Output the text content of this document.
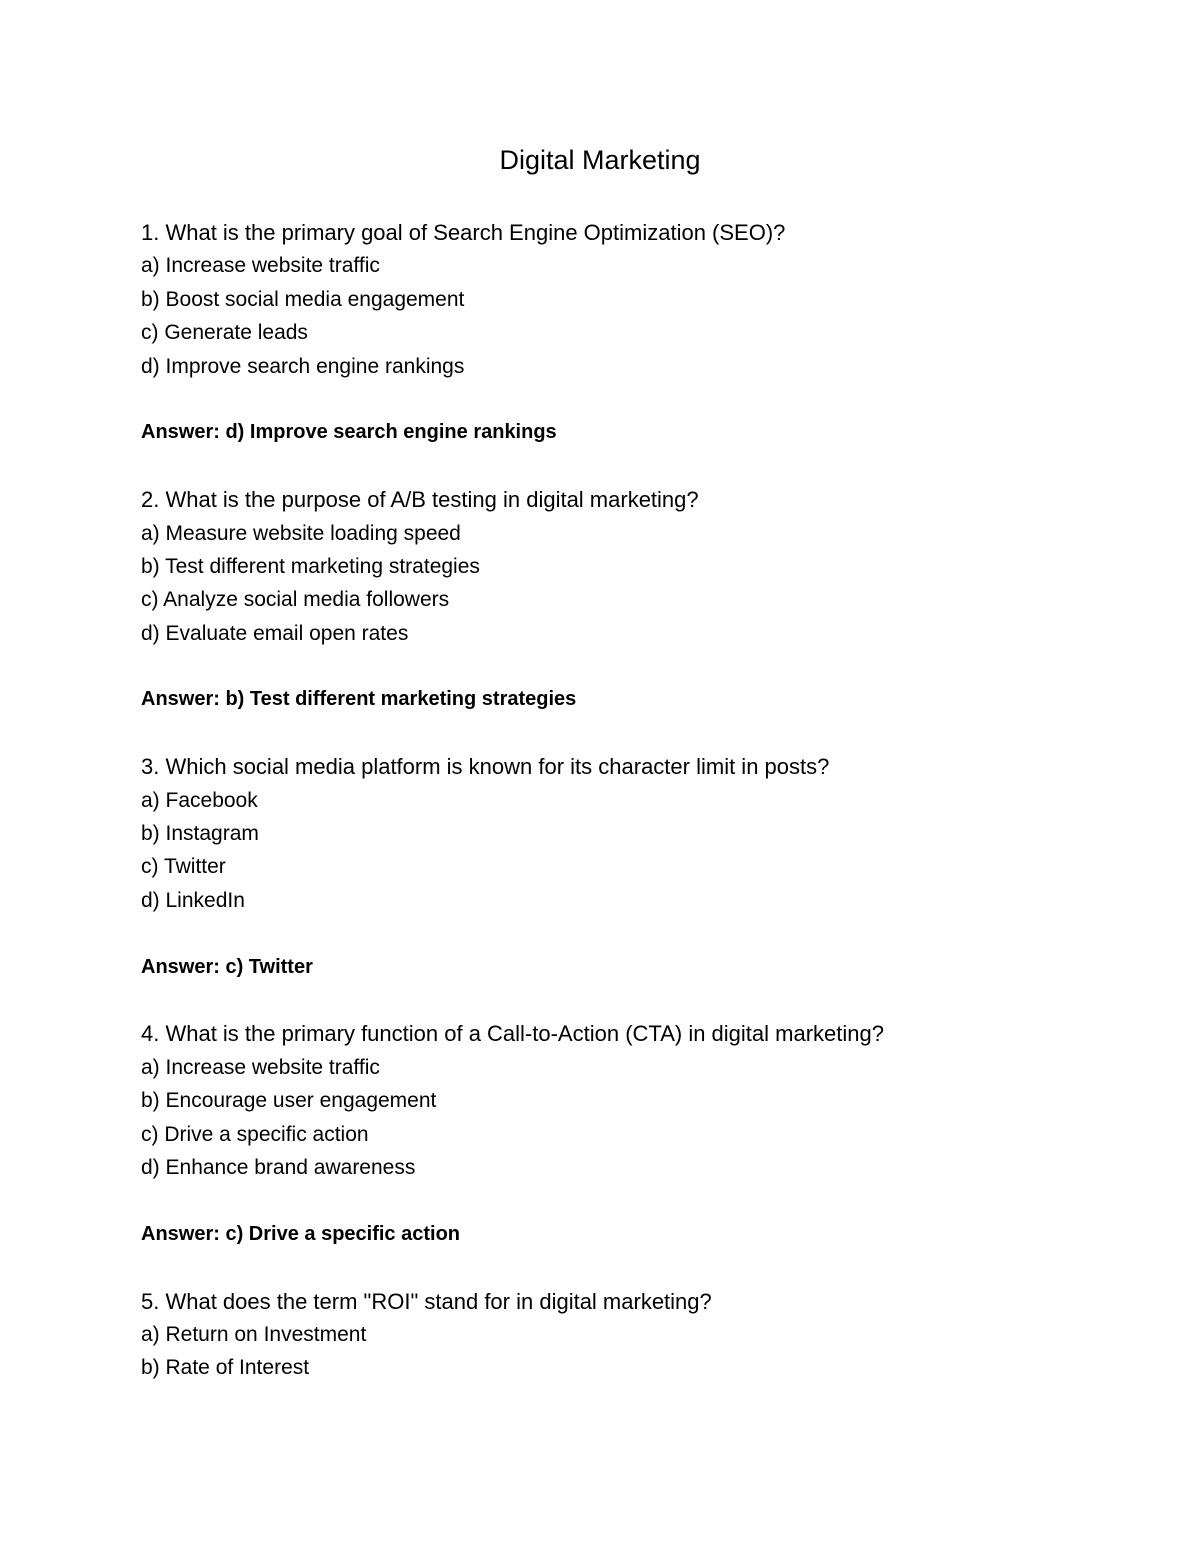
Digital Marketing
1. What is the primary goal of Search Engine Optimization (SEO)?
a) Increase website traffic
b) Boost social media engagement
c) Generate leads
d) Improve search engine rankings
Answer: d) Improve search engine rankings
2. What is the purpose of A/B testing in digital marketing?
a) Measure website loading speed
b) Test different marketing strategies
c) Analyze social media followers
d) Evaluate email open rates
Answer: b) Test different marketing strategies
3. Which social media platform is known for its character limit in posts?
a) Facebook
b) Instagram
c) Twitter
d) LinkedIn
Answer: c) Twitter
4. What is the primary function of a Call-to-Action (CTA) in digital marketing?
a) Increase website traffic
b) Encourage user engagement
c) Drive a specific action
d) Enhance brand awareness
Answer: c) Drive a specific action
5. What does the term "ROI" stand for in digital marketing?
a) Return on Investment
b) Rate of Interest
